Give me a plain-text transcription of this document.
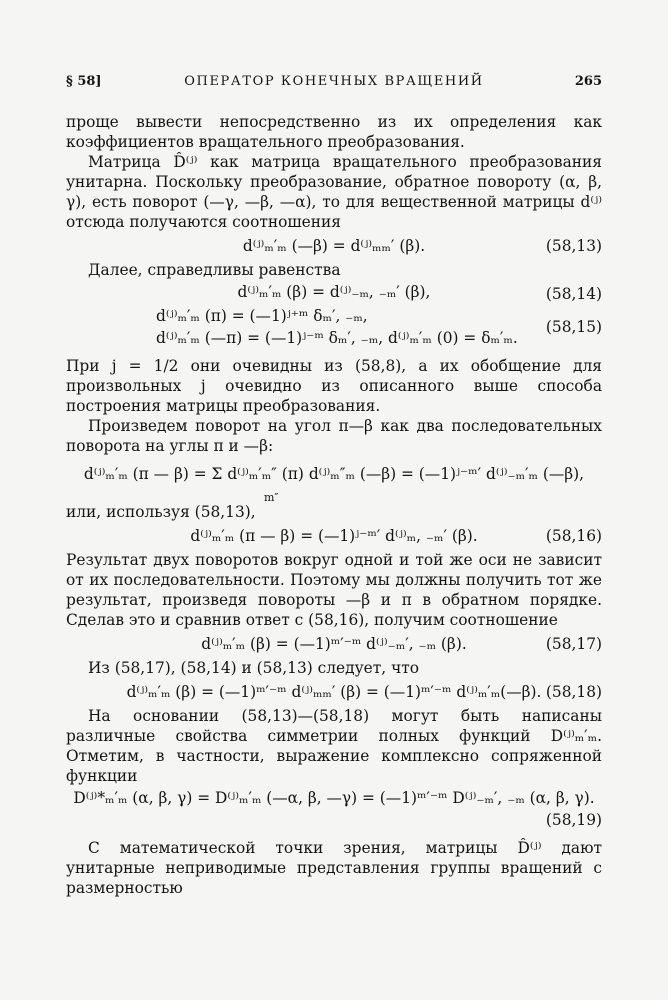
§ 58]	ОПЕРАТОР КОНЕЧНЫХ ВРАЩЕНИЙ	265

проще вывести непосредственно из их определения как коэффициентов вращательного преобразования.

Матрица D̂⁽ʲ⁾ как матрица вращательного преобразования унитарна. Поскольку преобразование, обратное повороту (α, β, γ), есть поворот (—γ, —β, —α), то для вещественной матрицы d⁽ʲ⁾ отсюда получаются соотношения

d⁽ʲ⁾ₘ′ₘ (—β) = d⁽ʲ⁾ₘₘ′ (β).	(58,13)

Далее, справедливы равенства

d⁽ʲ⁾ₘ′ₘ (β) = d⁽ʲ⁾₋ₘ, ₋ₘ′ (β),	(58,14)
d⁽ʲ⁾ₘ′ₘ (π) = (—1)ʲ⁺ᵐ δₘ′, ₋ₘ,
d⁽ʲ⁾ₘ′ₘ (—π) = (—1)ʲ⁻ᵐ δₘ′, ₋ₘ, d⁽ʲ⁾ₘ′ₘ (0) = δₘ′ₘ.
(58,15)

При j = 1/2 они очевидны из (58,8), а их обобщение для произвольных j очевидно из описанного выше способа построения матрицы преобразования.

Произведем поворот на угол π—β как два последовательных поворота на углы π и —β:

d⁽ʲ⁾ₘ′ₘ (π — β) = Σ d⁽ʲ⁾ₘ′ₘ″ (π) d⁽ʲ⁾ₘ″ₘ (—β) = (—1)ʲ⁻ᵐ′ d⁽ʲ⁾₋ₘ′ₘ (—β),
m″

или, используя (58,13),

d⁽ʲ⁾ₘ′ₘ (π — β) = (—1)ʲ⁻ᵐ′ d⁽ʲ⁾ₘ, ₋ₘ′ (β).	(58,16)

Результат двух поворотов вокруг одной и той же оси не зависит от их последовательности. Поэтому мы должны получить тот же результат, произведя повороты —β и π в обратном порядке. Сделав это и сравнив ответ с (58,16), получим соотношение

d⁽ʲ⁾ₘ′ₘ (β) = (—1)ᵐ′⁻ᵐ d⁽ʲ⁾₋ₘ′, ₋ₘ (β).	(58,17)

Из (58,17), (58,14) и (58,13) следует, что

d⁽ʲ⁾ₘ′ₘ (β) = (—1)ᵐ′⁻ᵐ d⁽ʲ⁾ₘₘ′ (β) = (—1)ᵐ′⁻ᵐ d⁽ʲ⁾ₘ′ₘ(—β). (58,18)

На основании (58,13)—(58,18) могут быть написаны различные свойства симметрии полных функций D⁽ʲ⁾ₘ′ₘ. Отметим, в частности, выражение комплексно сопряженной функции

D⁽ʲ⁾*ₘ′ₘ (α, β, γ) = D⁽ʲ⁾ₘ′ₘ (—α, β, —γ) = (—1)ᵐ′⁻ᵐ D⁽ʲ⁾₋ₘ′, ₋ₘ (α, β, γ).
(58,19)

С математической точки зрения, матрицы D̂⁽ʲ⁾ дают унитарные неприводимые представления группы вращений с размерностью
